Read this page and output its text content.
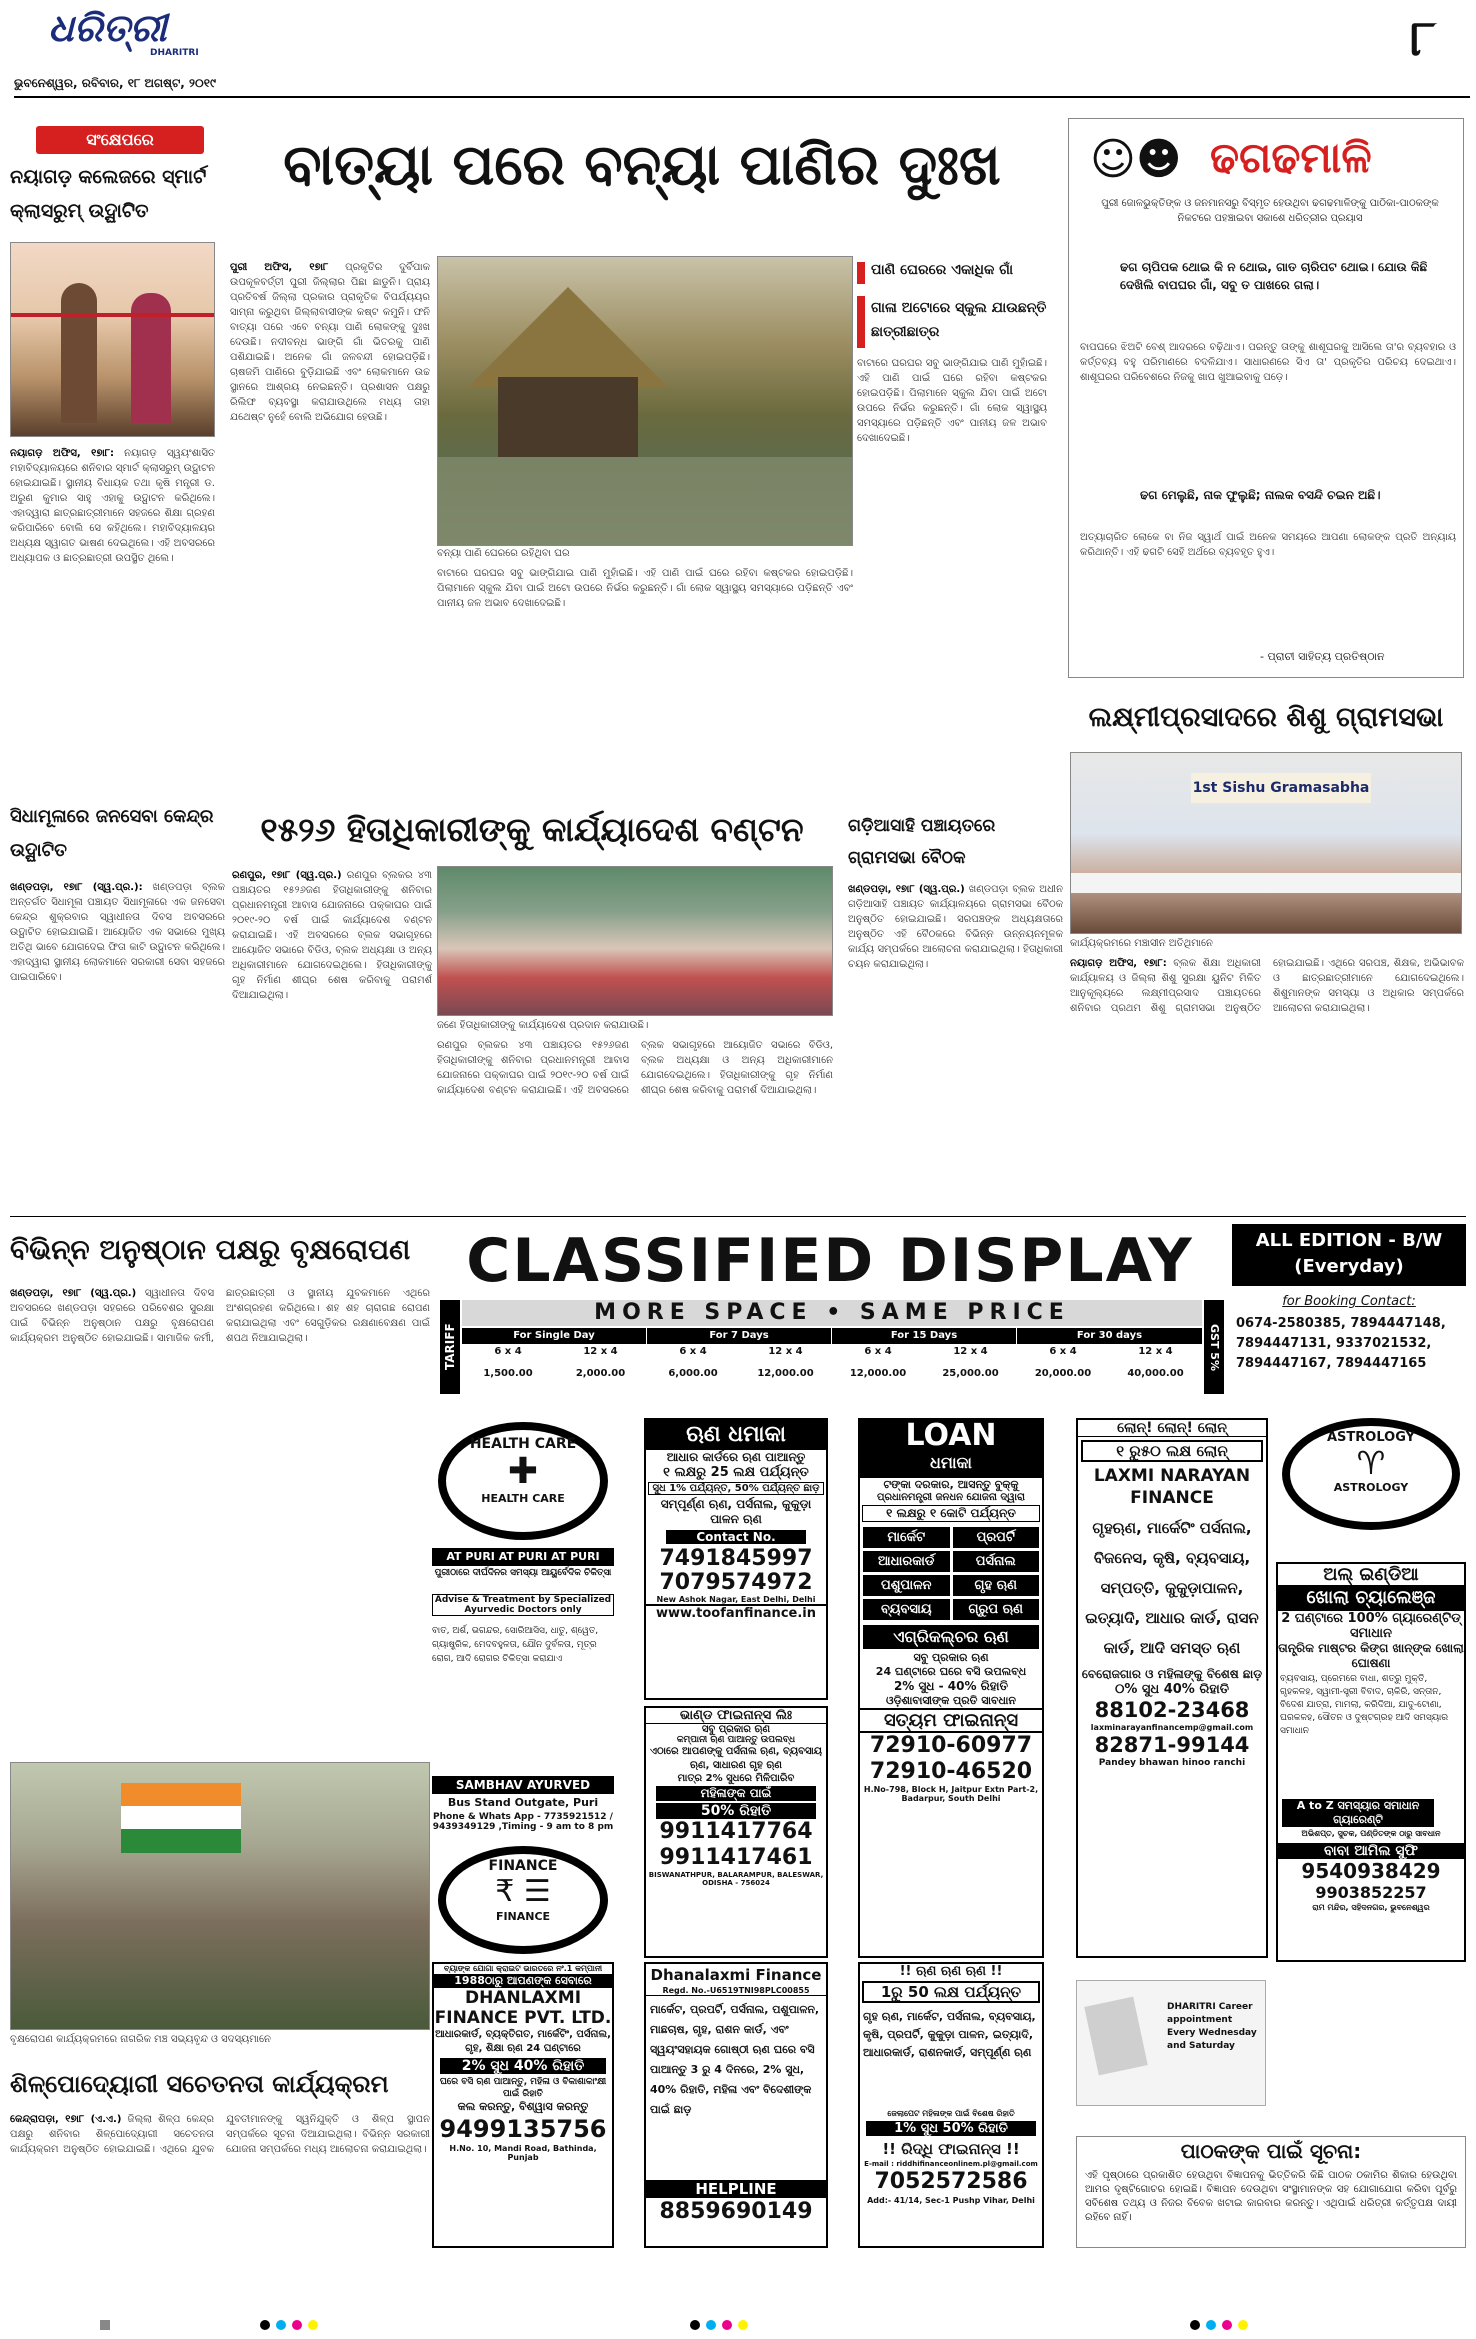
ଧରିତ୍ରୀ
DHARITRI
ଭୁବନେଶ୍ୱର, ରବିବାର, ୧୮ ଅଗଷ୍ଟ, ୨୦୧୯
୮
ସଂକ୍ଷେପରେ
ନୟାଗଡ଼ କଲେଜରେ ସ୍ମାର୍ଟ କ୍ଲାସରୁମ୍ ଉଦ୍ଘାଟିତ
ନୟାଗଡ଼ ଅଫିସ, ୧୭ା୮: ନୟାଗଡ଼ ସ୍ୱୟଂଶାସିତ ମହାବିଦ୍ୟାଳୟରେ ଶନିବାର ସ୍ମାର୍ଟ କ୍ଲାସରୁମ୍ ଉଦ୍ଘାଟନ ହୋଇଯାଇଛି। ସ୍ଥାନୀୟ ବିଧାୟକ ତଥା କୃଷି ମନ୍ତ୍ରୀ ଡ. ଅରୁଣ କୁମାର ସାହୁ ଏହାକୁ ଉଦ୍ଘାଟନ କରିଥିଲେ। ଏହାଦ୍ୱାରା ଛାତ୍ରଛାତ୍ରୀମାନେ ସହଜରେ ଶିକ୍ଷା ଗ୍ରହଣ କରିପାରିବେ ବୋଲି ସେ କହିଥିଲେ। ମହାବିଦ୍ୟାଳୟର ଅଧ୍ୟକ୍ଷ ସ୍ୱାଗତ ଭାଷଣ ଦେଇଥିଲେ। ଏହି ଅବସରରେ ଅଧ୍ୟାପକ ଓ ଛାତ୍ରଛାତ୍ରୀ ଉପସ୍ଥିତ ଥିଲେ।
ବାତ୍ୟା ପରେ ବନ୍ୟା ପାଣିର ଦୁଃଖ
ପୁରୀ ଅଫିସ, ୧୭ା୮ ପ୍ରକୃତିର ଦୁର୍ବିପାକ ଉପକୂଳବର୍ତ୍ତୀ ପୁରୀ ଜିଲ୍ଲାର ପିଛା ଛାଡୁନି। ପ୍ରାୟ ପ୍ରତିବର୍ଷ ଜିଲ୍ଲା ପ୍ରକାର ପ୍ରାକୃତିକ ବିପର୍ଯ୍ୟୟର ସାମ୍ନା କରୁଥିବା ଜିଲ୍ଲାବାସୀଙ୍କ କଷ୍ଟ କମୁନି। ଫନି ବାତ୍ୟା ପରେ ଏବେ ବନ୍ୟା ପାଣି ଲୋକଙ୍କୁ ଦୁଃଖ ଦେଉଛି। ନଦୀବନ୍ଧ ଭାଙ୍ଗି ଗାଁ ଭିତରକୁ ପାଣି ପଶିଯାଇଛି। ଅନେକ ଗାଁ ଜଳବନ୍ଦୀ ହୋଇପଡ଼ିଛି। ଚାଷଜମି ପାଣିରେ ବୁଡ଼ିଯାଇଛି ଏବଂ ଲୋକମାନେ ଉଚ୍ଚ ସ୍ଥାନରେ ଆଶ୍ରୟ ନେଇଛନ୍ତି। ପ୍ରଶାସନ ପକ୍ଷରୁ ରିଲିଫ ବ୍ୟବସ୍ଥା କରାଯାଉଥିଲେ ମଧ୍ୟ ତାହା ଯଥେଷ୍ଟ ନୁହେଁ ବୋଲି ଅଭିଯୋଗ ହେଉଛି।
ବନ୍ୟା ପାଣି ଘେରରେ ରହିଥିବା ଘର
ବାଟାରେ ଘରଘର ସବୁ ଭାଙ୍ଗିଯାଇ ପାଣି ମୁହାଁଇଛି। ଏହି ପାଣି ପାଇଁ ଘରେ ରହିବା କଷ୍ଟକର ହୋଇପଡ଼ିଛି। ପିଲାମାନେ ସ୍କୁଲ ଯିବା ପାଇଁ ଅଟୋ ଉପରେ ନିର୍ଭର କରୁଛନ୍ତି। ଗାଁ ଲୋକ ସ୍ୱାସ୍ଥ୍ୟ ସମସ୍ୟାରେ ପଡ଼ିଛନ୍ତି ଏବଂ ପାନୀୟ ଜଳ ଅଭାବ ଦେଖାଦେଇଛି।
ପାଣି ଘେରରେ ଏକାଧିକ ଗାଁ
ଗାଳା ଅଟୋରେ ସ୍କୁଲ ଯାଉଛନ୍ତି ଛାତ୍ରୀଛାତ୍ର
ବାଟାରେ ଘରଘର ସବୁ ଭାଙ୍ଗିଯାଇ ପାଣି ମୁହାଁଇଛି। ଏହି ପାଣି ପାଇଁ ଘରେ ରହିବା କଷ୍ଟକର ହୋଇପଡ଼ିଛି। ପିଲାମାନେ ସ୍କୁଲ ଯିବା ପାଇଁ ଅଟୋ ଉପରେ ନିର୍ଭର କରୁଛନ୍ତି। ଗାଁ ଲୋକ ସ୍ୱାସ୍ଥ୍ୟ ସମସ୍ୟାରେ ପଡ଼ିଛନ୍ତି ଏବଂ ପାନୀୟ ଜଳ ଅଭାବ ଦେଖାଦେଇଛି।
☺☻ ଢଗଢମାଳି
ପୁରୀ ଜୋଳଭୁକ୍ତିଙ୍କ ଓ ଜନମାନସରୁ ବିସ୍ମୃତ ହେଉଥିବା ଢଗଢମାଳିଙ୍କୁ ପାଠିକା-ପାଠକଙ୍କ ନିକଟରେ ପହଞ୍ଚାଇବା ସକାଶେ ଧରିତ୍ରୀର ପ୍ରୟାସ
ଢଗ ଚାପିପକ ଥୋଇ କି ନ ଥୋଇ, ଗାତ ଚାରିପଟ ଥୋଇ। ଯୋଉ କିଛି ଦେଖିଲି ବାପଘର ଗାଁ, ସବୁ ତ ପାଖରେ ଗଲା।
ବାପଘରେ ଝିଅଟି ବେଶ୍ ଆଦରରେ ବଢ଼ିଥାଏ। ପରନ୍ତୁ ତାଙ୍କୁ ଶାଶୂଘରକୁ ଆସିଲେ ତା'ର ବ୍ୟବହାର ଓ କର୍ତ୍ତବ୍ୟ ବହୁ ପରିମାଣରେ ବଦଳିଯାଏ। ସାଧାରଣରେ ସିଏ ତା' ପ୍ରକୃତିର ପରିଚୟ ଦେଇଥାଏ। ଶାଶୂଘରର ପରିବେଶରେ ନିଜକୁ ଖାପ ଖୁଆଇବାକୁ ପଡ଼େ।
ଢଗ ମେଲୁଛି, ନାକ ଫୁଲୁଛି; ନାଲକ ବସନ୍ଦି ଚଇନ ଅଛି।
ଅତ୍ୟାଚାରିତ ଲୋକେ ବା ନିଜ ସ୍ୱାର୍ଥ ପାଇଁ ଅନେକ ସମୟରେ ଆପଣା ଲୋକଙ୍କ ପ୍ରତି ଅନ୍ୟାୟ କରିଥାନ୍ତି। ଏହି ଢଗଟି ସେହି ଅର୍ଥରେ ବ୍ୟବହୃତ ହୁଏ।
- ପ୍ରାଚୀ ସାହିତ୍ୟ ପ୍ରତିଷ୍ଠାନ
ଲକ୍ଷ୍ମୀପ୍ରସାଦରେ ଶିଶୁ ଗ୍ରାମସଭା
1st Sishu Gramasabha
କାର୍ଯ୍ୟକ୍ରମରେ ମଞ୍ଚାସୀନ ଅତିଥିମାନେ
ନୟାଗଡ଼ ଅଫିସ, ୧୭ା୮: ବ୍ଲକ ଶିକ୍ଷା ଅଧିକାରୀ କାର୍ଯ୍ୟାଳୟ ଓ ଜିଲ୍ଲା ଶିଶୁ ସୁରକ୍ଷା ୟୁନିଟ ମିଳିତ ଆନୁକୂଲ୍ୟରେ ଲକ୍ଷ୍ମୀପ୍ରସାଦ ପଞ୍ଚାୟତରେ ଶନିବାର ପ୍ରଥମ ଶିଶୁ ଗ୍ରାମସଭା ଅନୁଷ୍ଠିତ ହୋଇଯାଇଛି। ଏଥିରେ ସରପଞ୍ଚ, ଶିକ୍ଷକ, ଅଭିଭାବକ ଓ ଛାତ୍ରଛାତ୍ରୀମାନେ ଯୋଗଦେଇଥିଲେ। ଶିଶୁମାନଙ୍କ ସମସ୍ୟା ଓ ଅଧିକାର ସମ୍ପର୍କରେ ଆଲୋଚନା କରାଯାଇଥିଲା।
ସିଧାମୂଳାରେ ଜନସେବା କେନ୍ଦ୍ର ଉଦ୍ଘାଟିତ
ଖଣ୍ଡପଡ଼ା, ୧୭ା୮ (ସ୍ୱ.ପ୍ର.): ଖଣ୍ଡପଡ଼ା ବ୍ଲକ ଅନ୍ତର୍ଗତ ସିଧାମୂଳା ପଞ୍ଚାୟତ ସିଧାମୂଳାରେ ଏକ ଜନସେବା କେନ୍ଦ୍ର ଶୁକ୍ରବାର ସ୍ୱାଧୀନତା ଦିବସ ଅବସରରେ ଉଦ୍ଘାଟିତ ହୋଇଯାଇଛି। ଆୟୋଜିତ ଏକ ସଭାରେ ମୁଖ୍ୟ ଅତିଥି ଭାବେ ଯୋଗଦେଇ ଫିତା କାଟି ଉଦ୍ଘାଟନ କରିଥିଲେ। ଏହାଦ୍ୱାରା ସ୍ଥାନୀୟ ଲୋକମାନେ ସରକାରୀ ସେବା ସହଜରେ ପାଇପାରିବେ।
୧୫୨୬ ହିତାଧିକାରୀଙ୍କୁ କାର୍ଯ୍ୟାଦେଶ ବଣ୍ଟନ
ରଣପୁର, ୧୭ା୮ (ସ୍ୱ.ପ୍ର.) ରଣପୁର ବ୍ଲକର ୪୩ ପଞ୍ଚାୟତର ୧୫୨୬ଜଣ ହିତାଧିକାରୀଙ୍କୁ ଶନିବାର ପ୍ରଧାନମନ୍ତ୍ରୀ ଆବାସ ଯୋଜନାରେ ପକ୍କାଘର ପାଇଁ ୨୦୧୯-୨୦ ବର୍ଷ ପାଇଁ କାର୍ଯ୍ୟାଦେଶ ବଣ୍ଟନ କରାଯାଇଛି। ଏହି ଅବସରରେ ବ୍ଲକ ସଭାଗୃହରେ ଆୟୋଜିତ ସଭାରେ ବିଡିଓ, ବ୍ଲକ ଅଧ୍ୟକ୍ଷା ଓ ଅନ୍ୟ ଅଧିକାରୀମାନେ ଯୋଗଦେଇଥିଲେ। ହିତାଧିକାରୀଙ୍କୁ ଗୃହ ନିର୍ମାଣ ଶୀଘ୍ର ଶେଷ କରିବାକୁ ପରାମର୍ଶ ଦିଆଯାଇଥିଲା।
ଜଣେ ହିତାଧିକାରୀଙ୍କୁ କାର୍ଯ୍ୟାଦେଶ ପ୍ରଦାନ କରାଯାଉଛି।
ରଣପୁର ବ୍ଲକର ୪୩ ପଞ୍ଚାୟତର ୧୫୨୬ଜଣ ହିତାଧିକାରୀଙ୍କୁ ଶନିବାର ପ୍ରଧାନମନ୍ତ୍ରୀ ଆବାସ ଯୋଜନାରେ ପକ୍କାଘର ପାଇଁ ୨୦୧୯-୨୦ ବର୍ଷ ପାଇଁ କାର୍ଯ୍ୟାଦେଶ ବଣ୍ଟନ କରାଯାଇଛି। ଏହି ଅବସରରେ ବ୍ଲକ ସଭାଗୃହରେ ଆୟୋଜିତ ସଭାରେ ବିଡିଓ, ବ୍ଲକ ଅଧ୍ୟକ୍ଷା ଓ ଅନ୍ୟ ଅଧିକାରୀମାନେ ଯୋଗଦେଇଥିଲେ। ହିତାଧିକାରୀଙ୍କୁ ଗୃହ ନିର୍ମାଣ ଶୀଘ୍ର ଶେଷ କରିବାକୁ ପରାମର୍ଶ ଦିଆଯାଇଥିଲା।
ଗଡ଼ିଆସାହି ପଞ୍ଚାୟତରେ ଗ୍ରାମସଭା ବୈଠକ
ଖଣ୍ଡପଡ଼ା, ୧୭ା୮ (ସ୍ୱ.ପ୍ର.) ଖଣ୍ଡପଡ଼ା ବ୍ଲକ ଅଧୀନ ଗଡ଼ିଆସାହି ପଞ୍ଚାୟତ କାର୍ଯ୍ୟାଳୟରେ ଗ୍ରାମସଭା ବୈଠକ ଅନୁଷ୍ଠିତ ହୋଇଯାଇଛି। ସରପଞ୍ଚଙ୍କ ଅଧ୍ୟକ୍ଷତାରେ ଅନୁଷ୍ଠିତ ଏହି ବୈଠକରେ ବିଭିନ୍ନ ଉନ୍ନୟନମୂଳକ କାର୍ଯ୍ୟ ସମ୍ପର୍କରେ ଆଲୋଚନା କରାଯାଇଥିଲା। ହିତାଧିକାରୀ ଚୟନ କରାଯାଇଥିଲା।
ବିଭିନ୍ନ ଅନୁଷ୍ଠାନ ପକ୍ଷରୁ ବୃକ୍ଷରୋପଣ
ଖଣ୍ଡପଡ଼ା, ୧୭ା୮ (ସ୍ୱ.ପ୍ର.) ସ୍ୱାଧୀନତା ଦିବସ ଅବସରରେ ଖଣ୍ଡପଡ଼ା ସହରରେ ପରିବେଶର ସୁରକ୍ଷା ପାଇଁ ବିଭିନ୍ନ ଅନୁଷ୍ଠାନ ପକ୍ଷରୁ ବୃକ୍ଷରୋପଣ କାର୍ଯ୍ୟକ୍ରମ ଅନୁଷ୍ଠିତ ହୋଇଯାଇଛି। ସାମାଜିକ କର୍ମୀ, ଛାତ୍ରଛାତ୍ରୀ ଓ ସ୍ଥାନୀୟ ଯୁବକମାନେ ଏଥିରେ ଅଂଶଗ୍ରହଣ କରିଥିଲେ। ଶହ ଶହ ଚାରାଗଛ ରୋପଣ କରାଯାଇଥିଲା ଏବଂ ସେଗୁଡ଼ିକର ରକ୍ଷଣାବେକ୍ଷଣ ପାଇଁ ଶପଥ ନିଆଯାଇଥିଲା।
ବୃକ୍ଷରୋପଣ କାର୍ଯ୍ୟକ୍ରମରେ ନାଗରିକ ମଞ୍ଚ ସଭ୍ୟବୃନ୍ଦ ଓ ସଦସ୍ୟମାନେ
ଶିଳ୍ପୋଦ୍ୟୋଗୀ ସଚେତନତା କାର୍ଯ୍ୟକ୍ରମ
କେନ୍ଦ୍ରାପଡ଼ା, ୧୭ା୮ (ଏ.ଏ.) ଜିଲ୍ଲା ଶିଳ୍ପ କେନ୍ଦ୍ର ପକ୍ଷରୁ ଶନିବାର ଶିଳ୍ପୋଦ୍ୟୋଗୀ ସଚେତନତା କାର୍ଯ୍ୟକ୍ରମ ଅନୁଷ୍ଠିତ ହୋଇଯାଇଛି। ଏଥିରେ ଯୁବକ ଯୁବତୀମାନଙ୍କୁ ସ୍ୱନିଯୁକ୍ତି ଓ ଶିଳ୍ପ ସ୍ଥାପନ ସମ୍ପର୍କରେ ସୂଚନା ଦିଆଯାଇଥିଲା। ବିଭିନ୍ନ ସରକାରୀ ଯୋଜନା ସମ୍ପର୍କରେ ମଧ୍ୟ ଆଲୋଚନା କରାଯାଇଥିଲା।
CLASSIFIED DISPLAY	ALL EDITION - B/W
(Everyday)
for Booking Contact:
0674-2580385, 7894447148, 7894447131, 9337021532, 7894447167, 7894447165
TARIFF
MORE SPACE • SAME PRICE
GST 5%
For Single Day	For 7 Days	For 15 Days	For 30 days
6 x 4	12 x 4	6 x 4	12 x 4	6 x 4	12 x 4	6 x 4	12 x 4
1,500.00	2,000.00	6,000.00	12,000.00	12,000.00	25,000.00	20,000.00	40,000.00
HEALTH CARE
✚
HEALTH CARE
AT PURI AT PURI AT PURI
ପୁରୀଠାରେ ଦୀର୍ଘଦିନର ସମସ୍ୟା ଆୟୁର୍ବେଦିକ ଚିକିତ୍ସା
Advise & Treatment by Specialized Ayurvedic Doctors only
ବାତ, ଅର୍ଶ, ଭଗନ୍ଦର, ସୋରିଆସିସ, ଧାତୁ, ଶ୍ୱେତ, ଗ୍ୟାଷ୍ଟ୍ରିକ, ମେଦବହୁଳତା, ଯୌନ ଦୁର୍ବଳତା, ମୂତ୍ର ରୋଗ, ଆଦି ରୋଗର ଚିକିତ୍ସା କରାଯାଏ
SAMBHAV AYURVED
Bus Stand Outgate, Puri
Phone & Whats App - 7735921512 / 9439349129 ,Timing - 9 am to 8 pm
FINANCE
₹ ☰
FINANCE
ଋଣ ଧମାକା
ଆଧାର କାର୍ଡରେ ଋଣ ପାଆନ୍ତୁ
୧ ଲକ୍ଷରୁ 25 ଲକ୍ଷ ପର୍ଯ୍ୟନ୍ତ
ସୁଧ 1% ପର୍ଯ୍ୟନ୍ତ, 50% ପର୍ଯ୍ୟନ୍ତ ଛାଡ଼
ସମ୍ପୂର୍ଣ୍ଣ ଋଣ, ପର୍ସନାଲ, କୁକୁଡ଼ା ପାଳନ ଋଣ
Contact No.
7491845997
7079574972
New Ashok Nagar, East Delhi, Delhi
www.toofanfinance.in
ଭାଣ୍ଡ ଫାଇନାନ୍ସ ଲିଃ
ସବୁ ପ୍ରକାର ଋଣ
କମ୍ପାନୀ ଋଣ ପାଆନ୍ତୁ ଉପଲବ୍ଧ
ଏଠାରେ ଆପଣଙ୍କୁ ପର୍ସନାଲ ଋଣ, ବ୍ୟବସାୟ ଋଣ, ସାଧାରଣ ଗୃହ ଋଣ
ମାତ୍ର 2% ସୁଧରେ ମିଳିପାରିବ
ମହିଳାଙ୍କ ପାଇଁ
50% ରିହାତି
9911417764
9911417461
BISWANATHPUR, BALARAMPUR, BALESWAR, ODISHA - 756024
LOAN
ଧମାକା
ଟଙ୍କା ଦରକାର, ଆସନ୍ତୁ ବୁକ୍କୁ
ପ୍ରଧାନମନ୍ତ୍ରୀ ଜନଧନ ଯୋଜନା ଦ୍ୱାରା
୧ ଲକ୍ଷରୁ ୧ କୋଟି ପର୍ଯ୍ୟନ୍ତ
ମାର୍କେଟ	ପ୍ରପର୍ଟି
ଆଧାରକାର୍ଡ	ପର୍ସନାଲ
ପଶୁପାଳନ	ଗୃହ ଋଣ
ବ୍ୟବସାୟ	ଗ୍ରୁପ ଋଣ
ଏଗ୍ରିକଲ୍ଚର ଋଣ
ସବୁ ପ୍ରକାର ଋଣ
24 ଘଣ୍ଟାରେ ଘରେ ବସି ଉପଲବ୍ଧ
2% ସୁଧ - 40% ରିହାତି
ଓଡ଼ିଶାବାସୀଙ୍କ ପ୍ରତି ସାବଧାନ
ସତ୍ୟମ ଫାଇନାନ୍ସ
72910-60977
72910-46520
H.No-798, Block H, Jaitpur Extn Part-2, Badarpur, South Delhi
ଲୋନ୍! ଲୋନ୍! ଲୋନ୍
୧ ରୁ୫୦ ଲକ୍ଷ ଲୋନ୍
LAXMI NARAYAN FINANCE
ଗୃହଋଣ, ମାର୍କେଟିଂ ପର୍ସନାଲ, ବିଜନେସ, କୃଷି, ବ୍ୟବସାୟ, ସମ୍ପତ୍ତି, କୁକୁଡ଼ାପାଳନ, ଇତ୍ୟାଦି, ଆଧାର କାର୍ଡ, ରାସନ କାର୍ଡ, ଆଦି ସମସ୍ତ ଋଣ
ବେରୋଜଗାର ଓ ମହିଳାଙ୍କୁ ବିଶେଷ ଛାଡ଼
୦% ସୁଧ 40% ରିହାତି
88102-23468
laxminarayanfinancemp@gmail.com
82871-99144
Pandey bhawan hinoo ranchi
ASTROLOGY
♈
ASTROLOGY
ଅଲ୍ ଇଣ୍ଡିଆ
ଖୋଲା ଚ୍ୟାଲେଞ୍ଜ
2 ଘଣ୍ଟାରେ 100% ଗ୍ୟାରେଣ୍ଟିଡ୍ ସମାଧାନ
ତାନ୍ତ୍ରିକ ମାଷ୍ଟର କିଙ୍ଗ ଖାନ୍ଙ୍କ ଖୋଲା ଘୋଷଣା
ବ୍ୟବସାୟ, ପ୍ରେମରେ ବାଧା, ଶତ୍ରୁ ମୁକ୍ତି, ଗୃହକଳହ, ସ୍ୱାମୀ-ସ୍ତ୍ରୀ ବିବାଦ, ଚାକିରି, ସନ୍ତାନ, ବିଦେଶ ଯାତ୍ରା, ମାମଲା, କରିଦିଆ, ଯାଦୁ-ଟୋଣା, ଘରକଳହ, ସୌତନ ଓ ଦୁଷ୍ଟଗ୍ରହ ଆଦି ସମସ୍ୟାର ସମାଧାନ
A to Z ସମସ୍ୟାର ସମାଧାନ ଗ୍ୟାରେଣ୍ଟି
ଅଭିଶପ୍ତ, ସୁଚକ, ପଣ୍ଡିତଙ୍କ ଠାରୁ ସାବଧାନ
ବାବା ଆମିଲ ସୁଫି
9540938429
9903852257
ରାମ ମନ୍ଦିର, ସହିଦନଗର, ଭୁବନେଶ୍ୱର
ବ୍ୟାଙ୍କ ଯୋଗା କ୍ରାଇଟ ଭାରତରେ ନଂ.1 କମ୍ପାନୀ
1988ଠାରୁ ଆପଣଙ୍କ ସେବାରେ
DHANLAXMI FINANCE PVT. LTD.
ଆଧାରକାର୍ଡ, ବ୍ୟକ୍ତିଗତ, ମାର୍କେଟିଂ, ପର୍ସନାଲ, ଗୃହ, ଶିକ୍ଷା ଋଣ 24 ଘଣ୍ଟାରେ
2% ସୁଧ 40% ରିହାତି
ଘରେ ବସି ଋଣ ପାଆନ୍ତୁ, ମହିଳା ଓ ବିକାଶାକାଂକ୍ଷୀ ପାଇଁ ରିହାତି
କଲ କରନ୍ତୁ, ବିଶ୍ୱାସ କରନ୍ତୁ
9499135756
H.No. 10, Mandi Road, Bathinda, Punjab
Dhanalaxmi Finance
Regd. No.-U6519TNI98PLC00855
ମାର୍କେଟ, ପ୍ରପର୍ଟି, ପର୍ସନାଲ, ପଶୁପାଳନ, ମାଛଚାଷ, ଗୃହ, ରାଶନ କାର୍ଡ, ଏବଂ ସ୍ୱୟଂସହାୟକ ଗୋଷ୍ଠୀ ଋଣ ଘରେ ବସି ପାଆନ୍ତୁ 3 ରୁ 4 ଦିନରେ, 2% ସୁଧ, 40% ରିହାତି, ମହିଳା ଏବଂ ବିଦେଶୀଙ୍କ ପାଇଁ ଛାଡ଼
HELPLINE
8859690149
!! ଋଣ ଋଣ ଋଣ !!
1ରୁ 50 ଲକ୍ଷ ପର୍ଯ୍ୟନ୍ତ
ଗୃହ ଋଣ, ମାର୍କେଟ, ପର୍ସନାଲ, ବ୍ୟବସାୟ, କୃଷି, ପ୍ରପର୍ଟି, କୁକୁଡ଼ା ପାଳନ, ଇତ୍ୟାଦି, ଆଧାରକାର୍ଡ, ରାଶନକାର୍ଡ, ସମ୍ପୂର୍ଣ୍ଣ ଋଣ
ଜେଲାପେଟ ମହିଳାଙ୍କ ପାଇଁ ବିଶେଷ ରିହାତି
1% ସୁଧ 50% ରିହାତି
!! ରିଦ୍ଧି ଫାଇନାନ୍ସ !!
E-mail : riddhifinanceonlinem.pl@gmail.com
7052572586
Add:- 41/14, Sec-1 Pushp Vihar, Delhi
DHARITRI Career appointment Every Wednesday and Saturday
ପାଠକଙ୍କ ପାଇଁ ସୂଚନା:
ଏହି ପୃଷ୍ଠାରେ ପ୍ରକାଶିତ ହେଉଥିବା ବିଜ୍ଞାପନକୁ ଭିତ୍ତିକରି କିଛି ପାଠକ ଠକାମିର ଶିକାର ହେଉଥିବା ଆମର ଦୃଷ୍ଟିଗୋଚର ହୋଇଛି। ବିଜ୍ଞାପନ ଦେଉଥିବା ସଂସ୍ଥାମାନଙ୍କ ସହ ଯୋଗାଯୋଗ କରିବା ପୂର୍ବରୁ ସବିଶେଷ ତଥ୍ୟ ଓ ନିଜର ବିବେକ ଖଟାଇ କାରବାର କରନ୍ତୁ। ଏଥିପାଇଁ ଧରିତ୍ରୀ କର୍ତ୍ତୃପକ୍ଷ ଦାୟୀ ରହିବେ ନାହିଁ।
